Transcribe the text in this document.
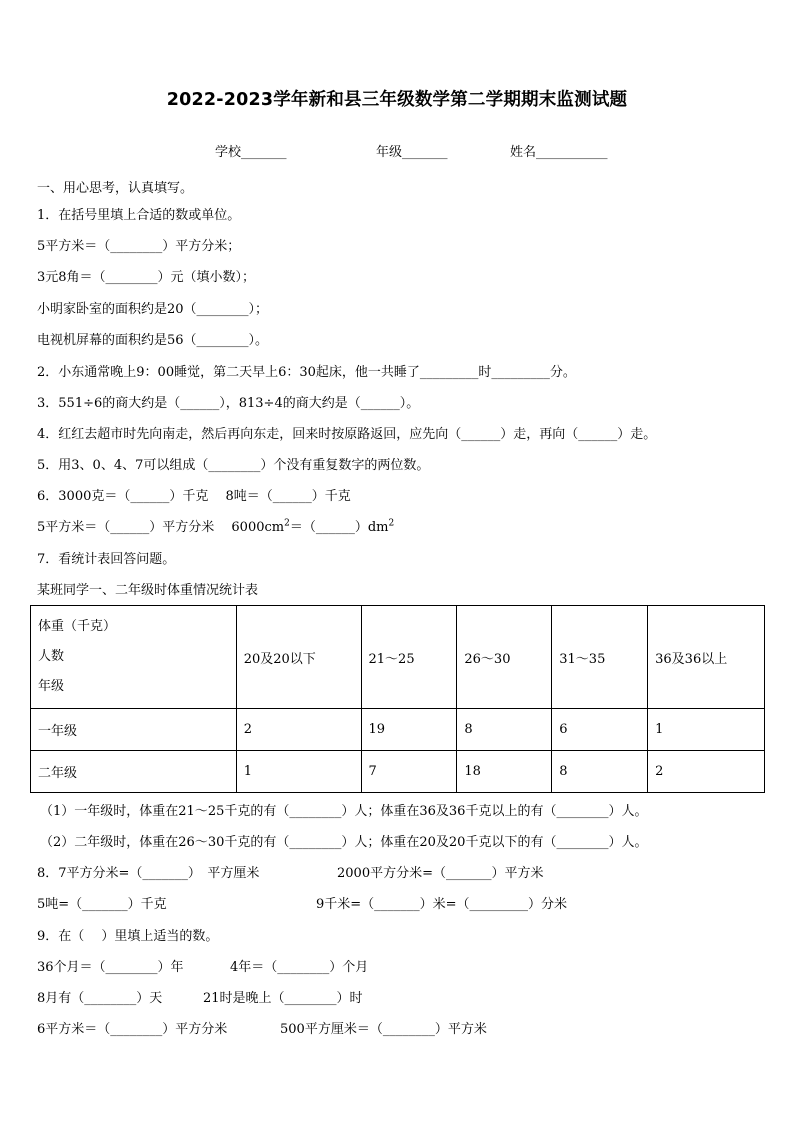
2022-2023学年新和县三年级数学第二学期期末监测试题
学校_______	年级_______	姓名___________
一、用心思考，认真填写。
1．在括号里填上合适的数或单位。
5平方米＝（________）平方分米；
3元8角＝（________）元（填小数）；
小明家卧室的面积约是20（________）；
电视机屏幕的面积约是56（________）。
2．小东通常晚上9：00睡觉，第二天早上6：30起床，他一共睡了_________时_________分。
3．551÷6的商大约是（______），813÷4的商大约是（______）。
4．红红去超市时先向南走，然后再向东走，回来时按原路返回，应先向（______）走，再向（______）走。
5．用3、0、4、7可以组成（________）个没有重复数字的两位数。
6．3000克＝（______）千克　 8吨＝（______）千克
5平方米＝（______）平方分米　 $6000cm^2=(\_\_\_\_\_\_)dm^2$
7．看统计表回答问题。
某班同学一、二年级时体重情况统计表
体重（千克）
人数
年级	20及20以下	21～25	26～30	31～35	36及36以上
一年级	2	19	8	6	1
二年级	1	7	18	8	2
（1）一年级时，体重在21～25千克的有（________）人；体重在36及36千克以上的有（________）人。
（2）二年级时，体重在26～30千克的有（________）人；体重在20及20千克以下的有（________）人。
8．7平方分米=（_______）　平方厘米	2000平方分米=（_______）平方米
5吨=（_______）千克	9千米=（_______）米=（_________）分米
9．在（　 ）里填上适当的数。
36个月＝（________）年	4年＝（________）个月
8月有（________）天	21时是晚上（________）时
6平方米＝（________）平方分米	500平方厘米＝（________）平方米
